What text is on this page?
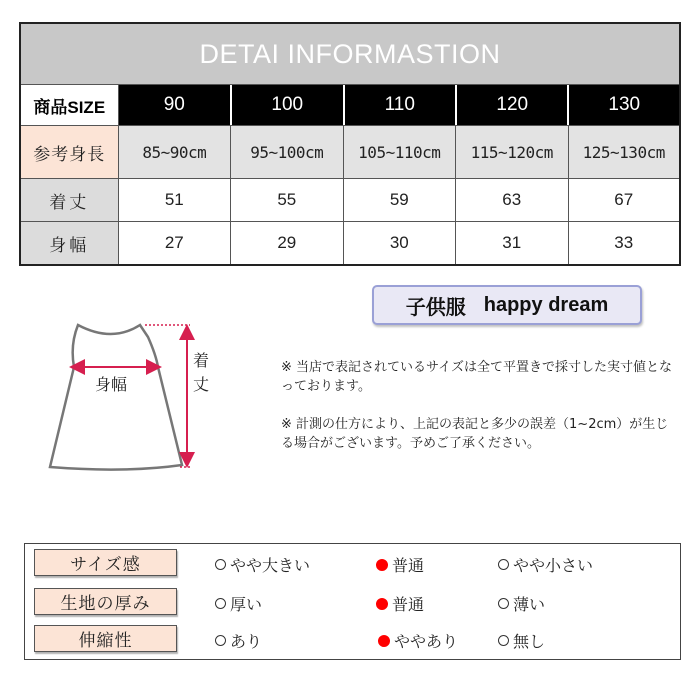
DETAI INFORMASTION
商品SIZE	90	100	110	120	130
参考身長	85~90cm	95~100cm	105~110cm	115~120cm	125~130cm
着丈	51	55	59	63	67
身幅	27	29	30	31	33
子供服 happy dream
身幅
着
丈

※ 当店で表記されているサイズは全て平置きで採寸した実寸値となっております。

※ 計測の仕方により、上記の表記と多少の誤差（1~2cm）が生じる場合がございます。予めご了承ください。

サイズ感	やや大きい	普通	やや小さい
生地の厚み	厚い	普通	薄い
伸縮性	あり	ややあり	無し
